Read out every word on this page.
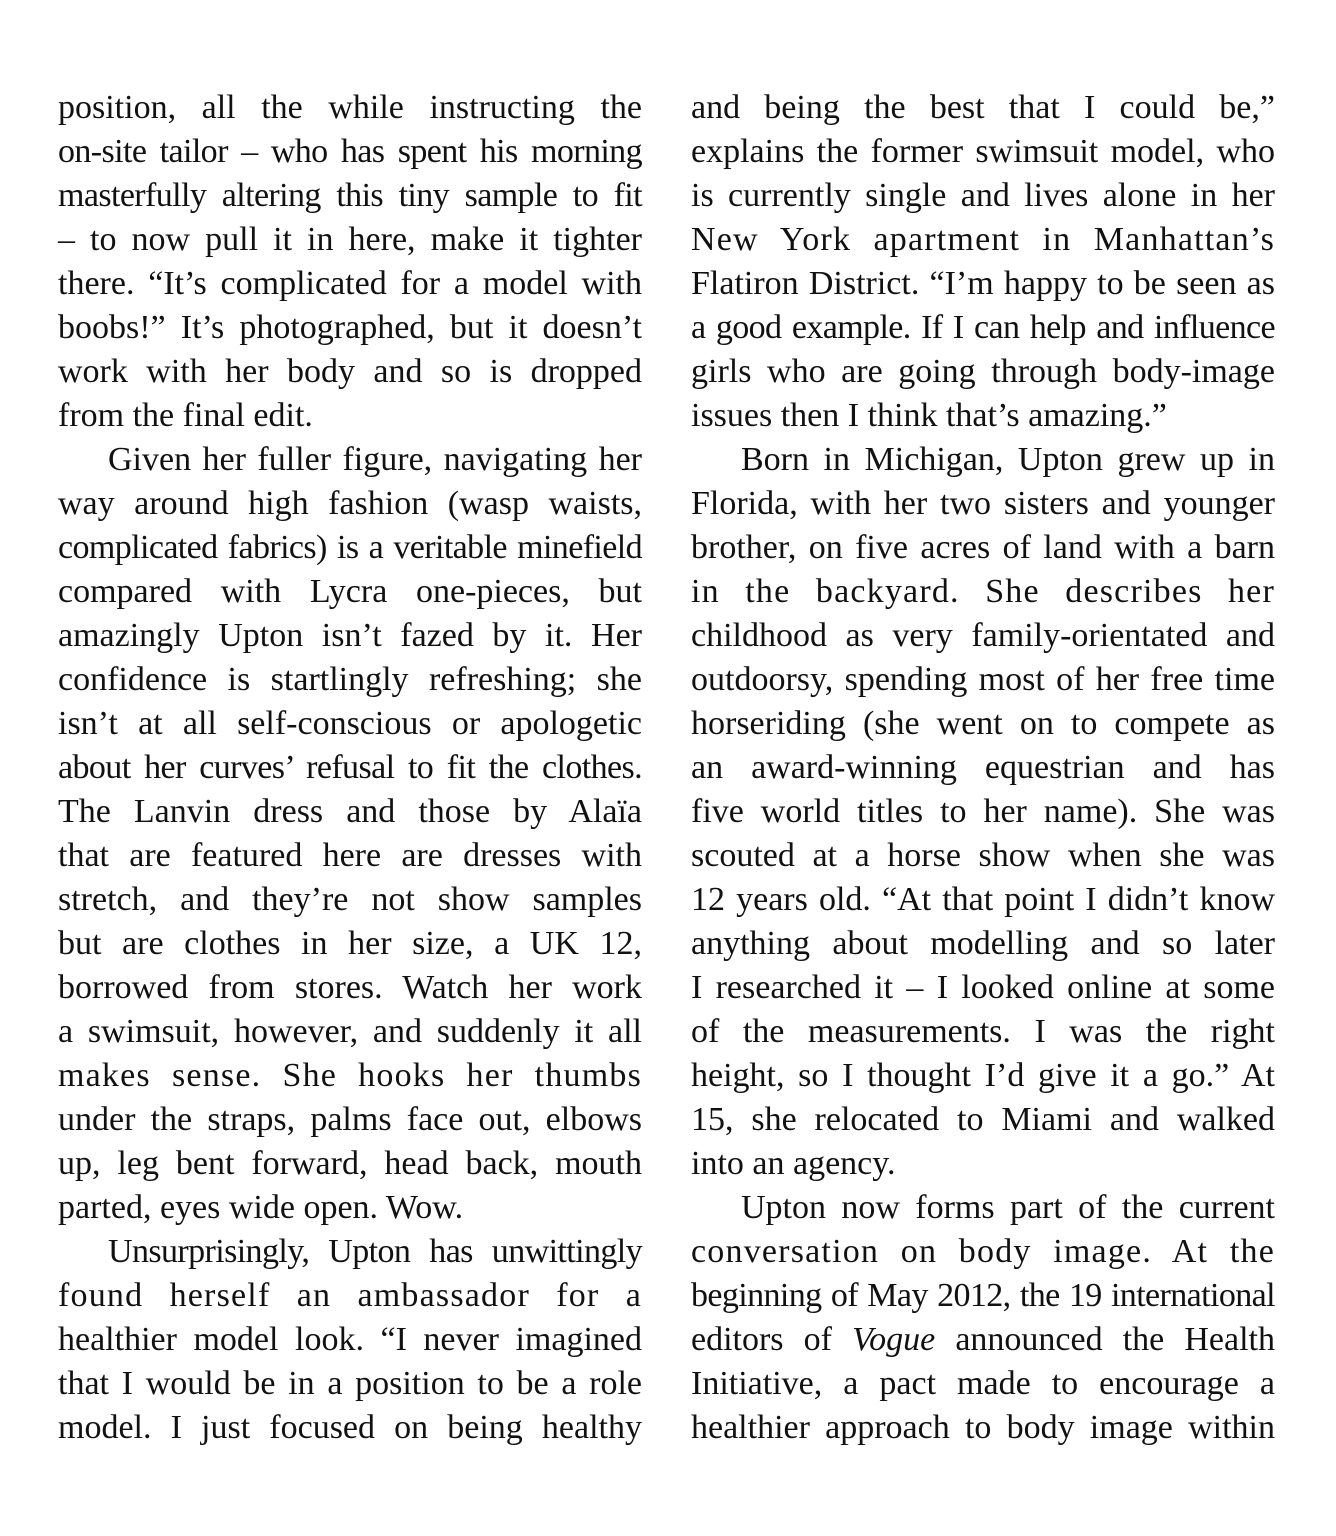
position, all the while instructing the
on-site tailor – who has spent his morning
masterfully altering this tiny sample to fit
– to now pull it in here, make it tighter
there. “It’s complicated for a model with
boobs!” It’s photographed, but it doesn’t
work with her body and so is dropped
from the final edit.
Given her fuller figure, navigating her
way around high fashion (wasp waists,
complicated fabrics) is a veritable minefield
compared with Lycra one-pieces, but
amazingly Upton isn’t fazed by it. Her
confidence is startlingly refreshing; she
isn’t at all self-conscious or apologetic
about her curves’ refusal to fit the clothes.
The Lanvin dress and those by Alaïa
that are featured here are dresses with
stretch, and they’re not show samples
but are clothes in her size, a UK 12,
borrowed from stores. Watch her work
a swimsuit, however, and suddenly it all
makes sense. She hooks her thumbs
under the straps, palms face out, elbows
up, leg bent forward, head back, mouth
parted, eyes wide open. Wow.
Unsurprisingly, Upton has unwittingly
found herself an ambassador for a
healthier model look. “I never imagined
that I would be in a position to be a role
model. I just focused on being healthy
and being the best that I could be,”
explains the former swimsuit model, who
is currently single and lives alone in her
New York apartment in Manhattan’s
Flatiron District. “I’m happy to be seen as
a good example. If I can help and influence
girls who are going through body-image
issues then I think that’s amazing.”
Born in Michigan, Upton grew up in
Florida, with her two sisters and younger
brother, on five acres of land with a barn
in the backyard. She describes her
childhood as very family-orientated and
outdoorsy, spending most of her free time
horseriding (she went on to compete as
an award-winning equestrian and has
five world titles to her name). She was
scouted at a horse show when she was
12 years old. “At that point I didn’t know
anything about modelling and so later
I researched it – I looked online at some
of the measurements. I was the right
height, so I thought I’d give it a go.” At
15, she relocated to Miami and walked
into an agency.
Upton now forms part of the current
conversation on body image. At the
beginning of May 2012, the 19 international
editors of Vogue announced the Health
Initiative, a pact made to encourage a
healthier approach to body image within
